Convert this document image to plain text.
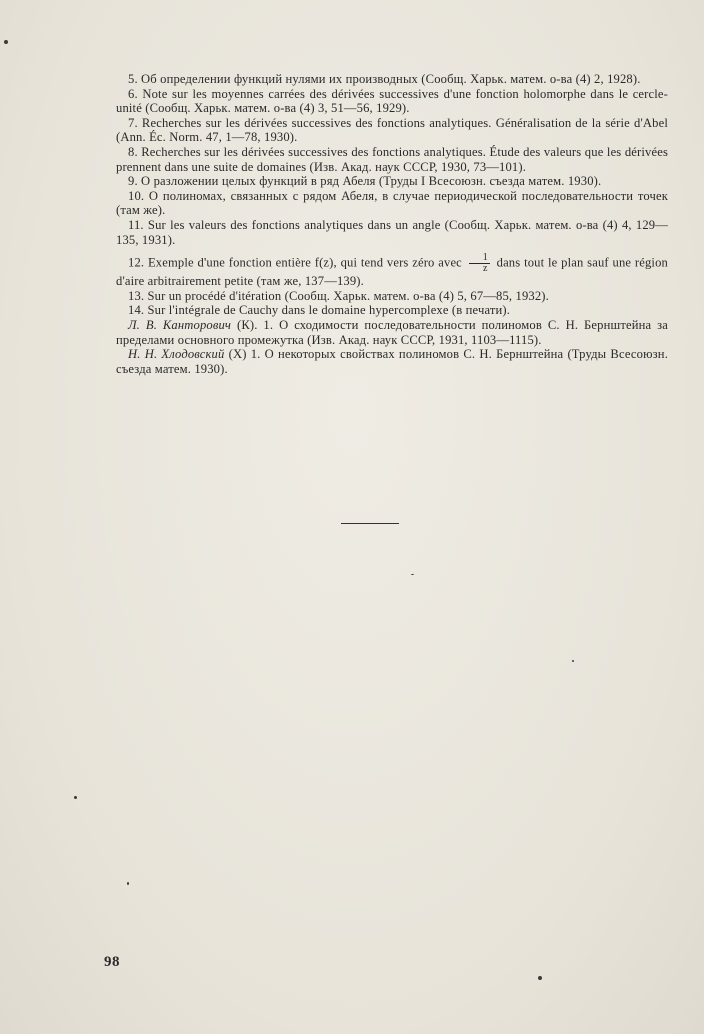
5. Об определении функций нулями их производных (Сообщ. Харьк. матем. о-ва (4) 2, 1928).

6. Note sur les moyennes carrées des dérivées successives d'une fonction holomorphe dans le cercle-unité (Сообщ. Харьк. матем. о-ва (4) 3, 51—56, 1929).

7. Recherches sur les dérivées successives des fonctions analytiques. Généralisation de la série d'Abel (Ann. Éc. Norm. 47, 1—78, 1930).

8. Recherches sur les dérivées successives des fonctions analytiques. Étude des valeurs que les dérivées prennent dans une suite de domaines (Изв. Акад. наук СССР, 1930, 73—101).

9. О разложении целых функций в ряд Абеля (Труды I Всесоюзн. съезда матем. 1930).

10. О полиномах, связанных с рядом Абеля, в случае периодической последовательности точек (там же).

11. Sur les valeurs des fonctions analytiques dans un angle (Сообщ. Харьк. матем. о-ва (4) 4, 129—135, 1931).

12. Exemple d'une fonction entière f(z), qui tend vers zéro avec $\frac{1}{z}$ dans tout le plan sauf une région d'aire arbitrairement petite (там же, 137—139).

13. Sur un procédé d'itération (Сообщ. Харьк. матем. о-ва (4) 5, 67—85, 1932).

14. Sur l'intégrale de Cauchy dans le domaine hypercomplexe (в печати).

Л. В. Канторович (К). 1. О сходимости последовательности полиномов С. Н. Бернштейна за пределами основного промежутка (Изв. Акад. наук СССР, 1931, 1103—1115).

Н. Н. Хлодовский (Х) 1. О некоторых свойствах полиномов С. Н. Бернштейна (Труды Всесоюзн. съезда матем. 1930).

98
